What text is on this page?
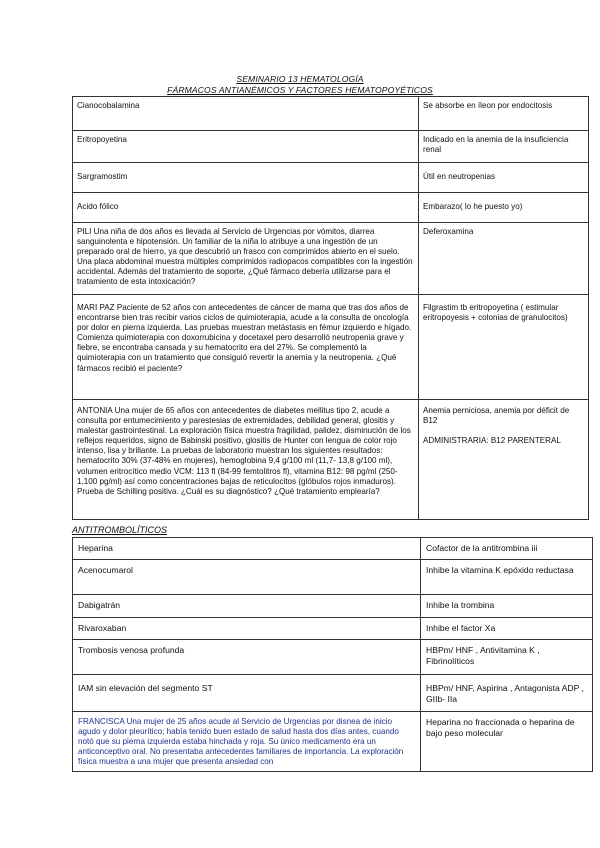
SEMINARIO 13 HEMATOLOGÍA
FÁRMACOS ANTIANÉMICOS Y FACTORES HEMATOPOYÉTICOS
Cianocobalamina	Se absorbe en íleon por endocitosis
Eritropoyetina	Indicado en la anemia de la insuficiencia renal
Sargramostim	Útil en neutropenias
Acido fólico	Embarazo( lo he puesto yo)
PILI Una niña de dos años es llevada al Servicio de Urgencias por vómitos, diarrea sanguinolenta e hipotensión. Un familiar de la niña lo atribuye a una ingestión de un preparado oral de hierro, ya que descubrió un frasco con comprimidos abierto en el suelo. Una placa abdominal muestra múltiples comprimidos radiopacos compatibles con la ingestión accidental. Además del tratamiento de soporte, ¿Qué fármaco debería utilizarse para el tratamiento de esta intoxicación?	Deferoxamina
MARI PAZ Paciente de 52 años con antecedentes de cáncer de mama que tras dos años de encontrarse bien tras recibir varios ciclos de quimioterapia, acude a la consulta de oncología por dolor en pierna izquierda. Las pruebas muestran metástasis en fémur izquierdo e hígado. Comienza quimioterapia con doxorrubicina y docetaxel pero desarrolló neutropenia grave y fiebre, se encontraba cansada y su hematocrito era del 27%. Se complementó la quimioterapia con un tratamiento que consiguió revertir la anemia y la neutropenia. ¿Qué fármacos recibió el paciente?	Filgrastim tb eritropoyetina ( estimular eritropoyesis + colonias de granulocitos)
ANTONIA Una mujer de 65 años con antecedentes de diabetes mellitus tipo 2, acude a consulta por entumecimiento y parestesias de extremidades, debilidad general, glositis y malestar gastrointestinal. La exploración física muestra fragilidad, palidez, disminución de los reflejos requeridos, signo de Babinski positivo, glositis de Hunter con lengua de color rojo intenso, lisa y brillante. La pruebas de laboratorio muestran los siguientes resultados: hematocrito 30% (37-48% en mujeres), hemoglobina 9,4 g/100 ml (11,7- 13,8 g/100 ml), volumen eritrocítico medio VCM: 113 fl (84-99 femtolitros fl), vitamina B12: 98 pg/ml (250-1.100 pg/ml) así como concentraciones bajas de reticulocitos (glóbulos rojos inmaduros). Prueba de Schilling positiva. ¿Cuál es su diagnóstico? ¿Qué tratamiento emplearía?	Anemia perniciosa, anemia por déficit de B12
ADMINISTRARIA: B12 PARENTERAL
ANTITROMBOLÍTICOS
Heparina	Cofactor de la antitrombina iii
Acenocumarol	Inhibe la vitamina K epóxido reductasa
Dabigatrán	Inhibe la trombina
Rivaroxaban	Inhibe el factor Xa
Trombosis venosa profunda	HBPm/ HNF , Antivitamina K , Fibrinolíticos
IAM sin elevación del segmento ST	HBPm/ HNF, Aspirina , Antagonista ADP , GIIb- IIa
FRANCISCA Una mujer de 25 años acude al Servicio de Urgencias por disnea de inicio agudo y dolor pleurítico; había tenido buen estado de salud hasta dos días antes, cuando notó que su pierna izquierda estaba hinchada y roja. Su único medicamento era un anticonceptivo oral. No presentaba antecedentes familiares de importancia. La exploración física muestra a una mujer que presenta ansiedad con	Heparina no fraccionada o heparina de bajo peso molecular
